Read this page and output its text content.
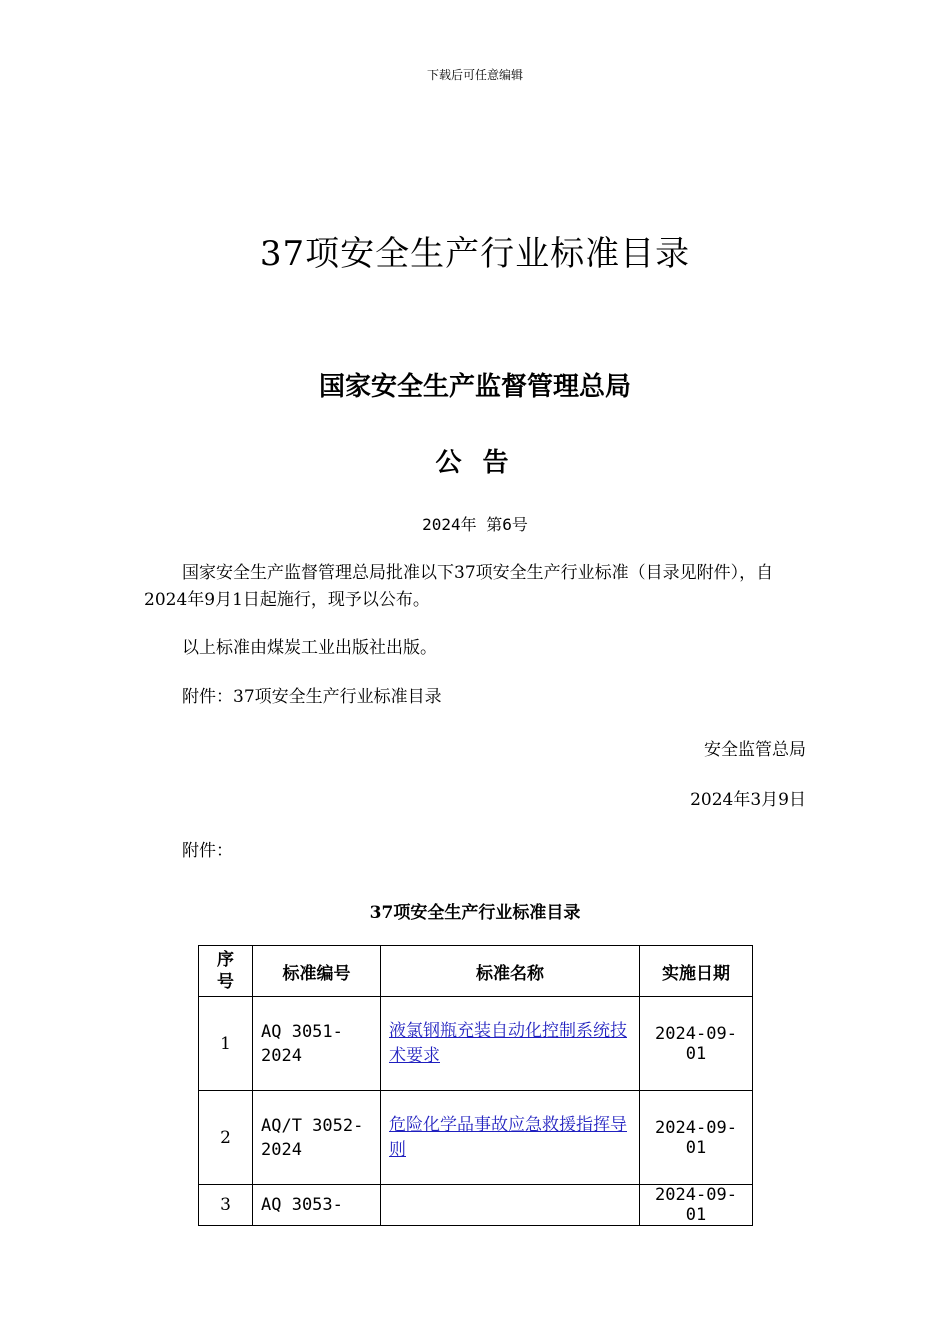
下载后可任意编辑
37项安全生产行业标准目录
国家安全生产监督管理总局
公 告
2024年 第6号
国家安全生产监督管理总局批准以下37项安全生产行业标准（目录见附件），自2024年9月1日起施行，现予以公布。
以上标准由煤炭工业出版社出版。
附件：37项安全生产行业标准目录
安全监管总局
2024年3月9日
附件：
37项安全生产行业标准目录
序号	标准编号	标准名称	实施日期
1	AQ 3051-2024	液氯钢瓶充装自动化控制系统技术要求	2024-09-01
2	AQ/T 3052-2024	危险化学品事故应急救援指挥导则	2024-09-01
3	AQ 3053-		2024-09-01
